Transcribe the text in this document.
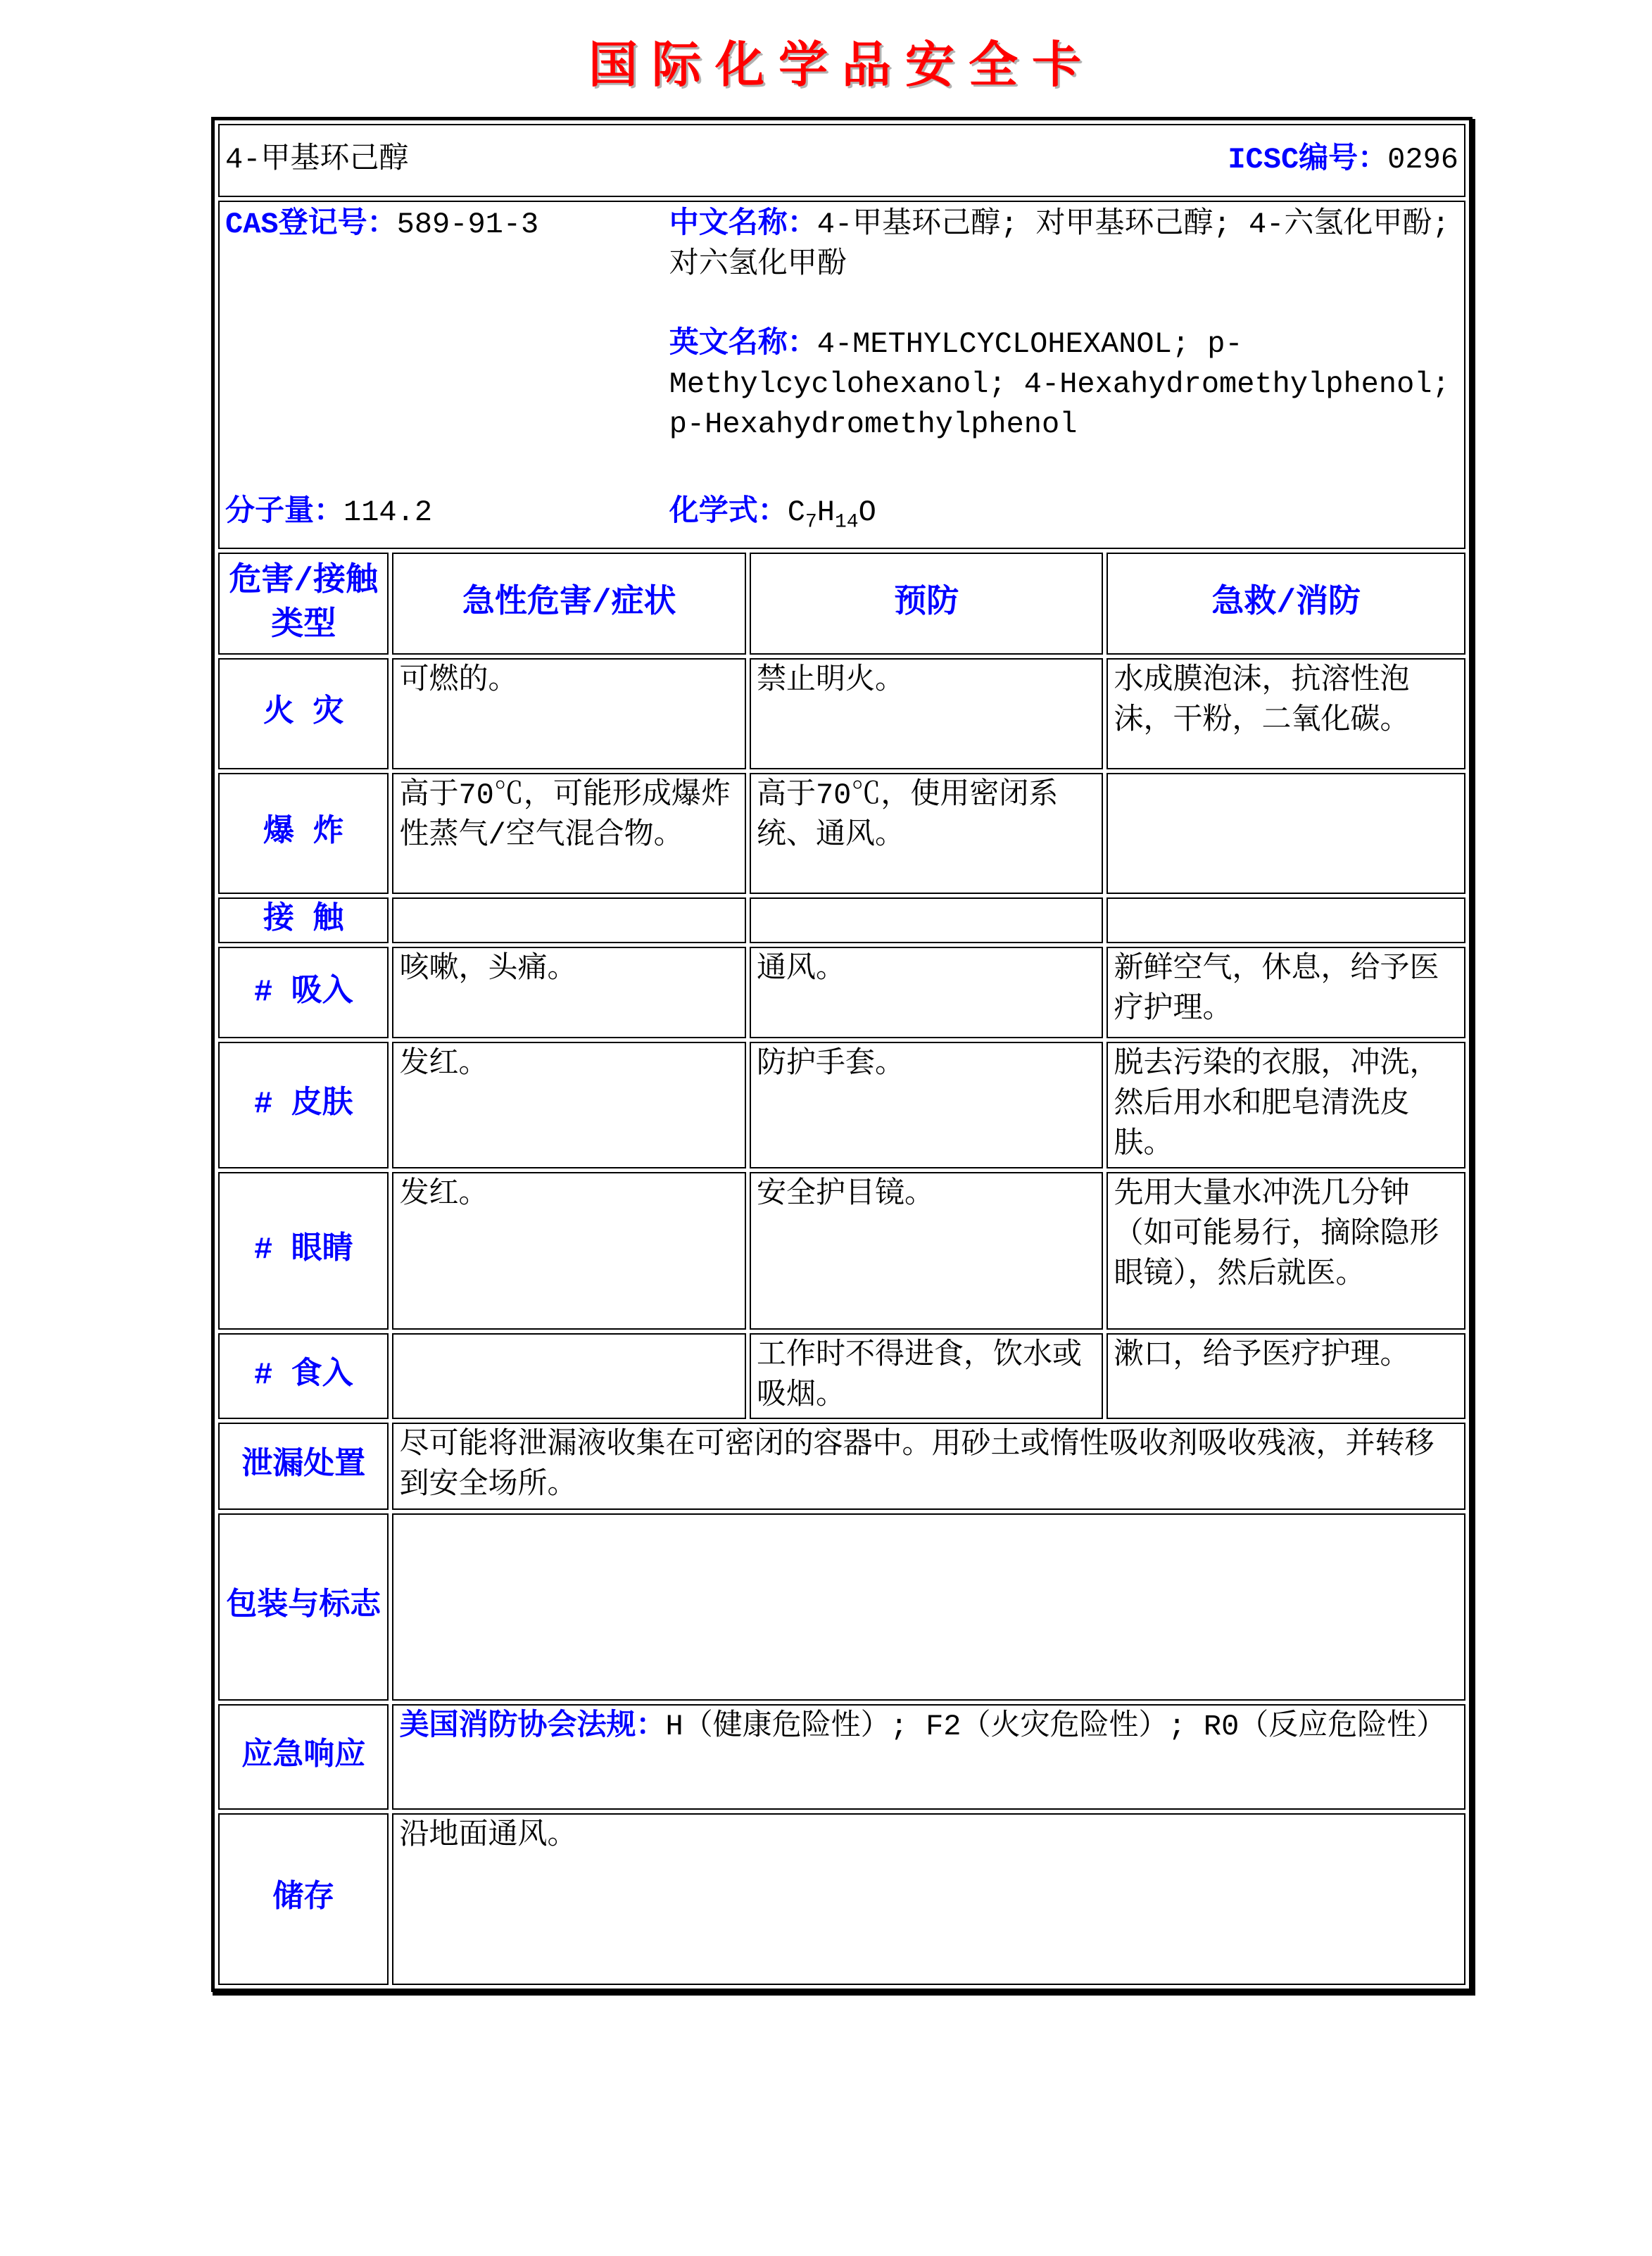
国际化学品安全卡
4-甲基环己醇 ICSC编号：0296			

CAS登记号：589-91-3
分子量：114.2
中文名称：4-甲基环己醇; 对甲基环己醇; 4-六氢化甲酚; 对六氢化甲酚
英文名称：4-METHYLCYCLOHEXANOL; p-Methylcyclohexanol; 4-Hexahydromethylphenol; p-Hexahydromethylphenol
化学式：$C_7H_{14}O$			

危害/接触
类型	急性危害/症状	预防	急救/消防
火 灾	可燃的。	禁止明火。	水成膜泡沫，抗溶性泡沫，干粉，二氧化碳。
爆 炸	高于70℃，可能形成爆炸性蒸气/空气混合物。	高于70℃，使用密闭系统、通风。	
接 触			
# 吸入	咳嗽，头痛。	通风。	新鲜空气，休息，给予医疗护理。
# 皮肤	发红。	防护手套。	脱去污染的衣服，冲洗，然后用水和肥皂清洗皮肤。
# 眼睛	发红。	安全护目镜。	先用大量水冲洗几分钟（如可能易行，摘除隐形眼镜），然后就医。
# 食入		工作时不得进食，饮水或吸烟。	漱口，给予医疗护理。
泄漏处置	尽可能将泄漏液收集在可密闭的容器中。用砂土或惰性吸收剂吸收残液，并转移到安全场所。		
包装与标志			
应急响应	美国消防协会法规：H（健康危险性）; F2（火灾危险性）; R0（反应危险性）		
储存	沿地面通风。		
